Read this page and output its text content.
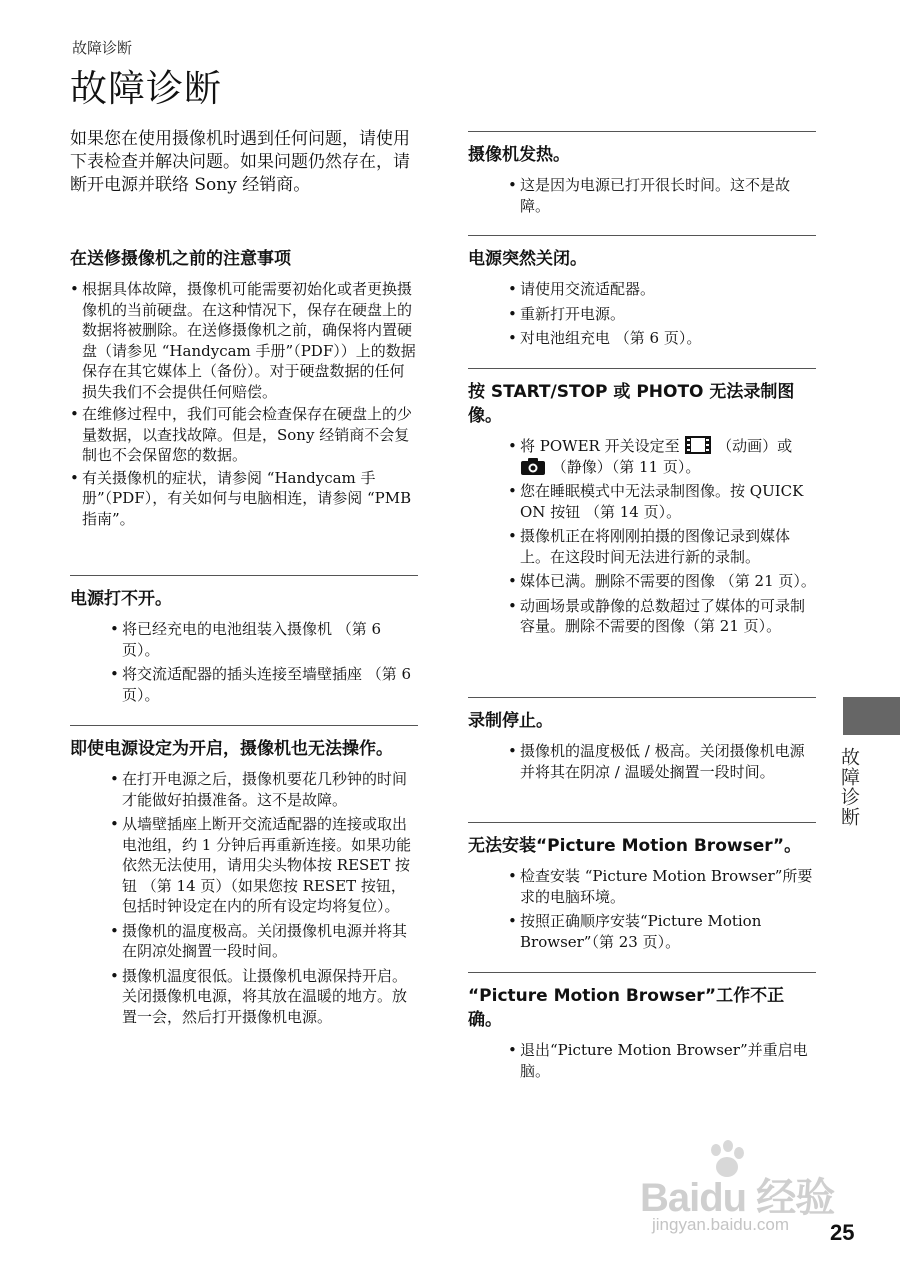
故障诊断
故障诊断
如果您在使用摄像机时遇到任何问题，请使用下表检查并解决问题。如果问题仍然存在，请断开电源并联络 Sony 经销商。
在送修摄像机之前的注意事项
• 根据具体故障，摄像机可能需要初始化或者更换摄像机的当前硬盘。在这种情况下，保存在硬盘上的数据将被删除。在送修摄像机之前，确保将内置硬盘（请参见 “Handycam 手册”（PDF））上的数据保存在其它媒体上（备份）。对于硬盘数据的任何损失我们不会提供任何赔偿。
• 在维修过程中，我们可能会检查保存在硬盘上的少量数据，以查找故障。但是，Sony 经销商不会复制也不会保留您的数据。
• 有关摄像机的症状，请参阅 “Handycam 手册”（PDF），有关如何与电脑相连，请参阅 “PMB 指南”。
电源打不开。
• 将已经充电的电池组装入摄像机 （第 6 页）。
• 将交流适配器的插头连接至墙壁插座 （第 6 页）。
即使电源设定为开启，摄像机也无法操作。
• 在打开电源之后，摄像机要花几秒钟的时间才能做好拍摄准备。这不是故障。
• 从墙壁插座上断开交流适配器的连接或取出电池组，约 1 分钟后再重新连接。如果功能依然无法使用，请用尖头物体按 RESET 按钮 （第 14 页）（如果您按 RESET 按钮，包括时钟设定在内的所有设定均将复位）。
• 摄像机的温度极高。关闭摄像机电源并将其在阴凉处搁置一段时间。
• 摄像机温度很低。让摄像机电源保持开启。关闭摄像机电源，将其放在温暖的地方。放置一会，然后打开摄像机电源。
摄像机发热。
• 这是因为电源已打开很长时间。这不是故障。
电源突然关闭。
• 请使用交流适配器。
• 重新打开电源。
• 对电池组充电 （第 6 页）。
按 START/STOP 或 PHOTO 无法录制图像。
• 将 POWER 开关设定至	（动画）或  （静像）（第 11 页）。
• 您在睡眠模式中无法录制图像。按 QUICK ON 按钮 （第 14 页）。
• 摄像机正在将刚刚拍摄的图像记录到媒体上。在这段时间无法进行新的录制。
• 媒体已满。删除不需要的图像 （第 21 页）。
• 动画场景或静像的总数超过了媒体的可录制容量。删除不需要的图像（第 21 页）。
录制停止。
• 摄像机的温度极低 / 极高。关闭摄像机电源并将其在阴凉 / 温暖处搁置一段时间。
无法安装“Picture Motion Browser”。
• 检查安装 “Picture Motion Browser”所要求的电脑环境。
• 按照正确顺序安装“Picture Motion Browser”（第 23 页）。
“Picture Motion Browser”工作不正确。
• 退出“Picture Motion Browser”并重启电脑。
故障诊断
Baidu 经验
jingyan.baidu.com 25
